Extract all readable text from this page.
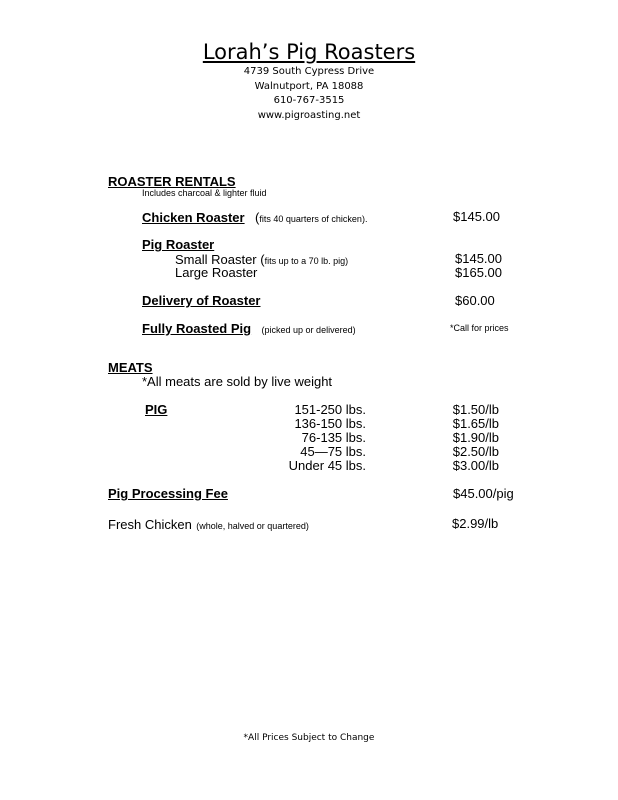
Lorah’s Pig Roasters
4739 South Cypress Drive
Walnutport, PA 18088
610-767-3515
www.pigroasting.net
ROASTER RENTALS
Includes charcoal & lighter fluid
Chicken Roaster (fits 40 quarters of chicken).	$145.00
Pig Roaster
Small Roaster (fits up to a 70 lb. pig)	$145.00
Large Roaster	$165.00
Delivery of Roaster	$60.00
Fully Roasted Pig (picked up or delivered)	*Call for prices
MEATS
*All meats are sold by live weight
PIG	151-250 lbs.	$1.50/lb
136-150 lbs.	$1.65/lb
76-135 lbs.	$1.90/lb
45—75 lbs.	$2.50/lb
Under 45 lbs.	$3.00/lb
Pig Processing Fee	$45.00/pig
Fresh Chicken (whole, halved or quartered)	$2.99/lb
*All Prices Subject to Change
